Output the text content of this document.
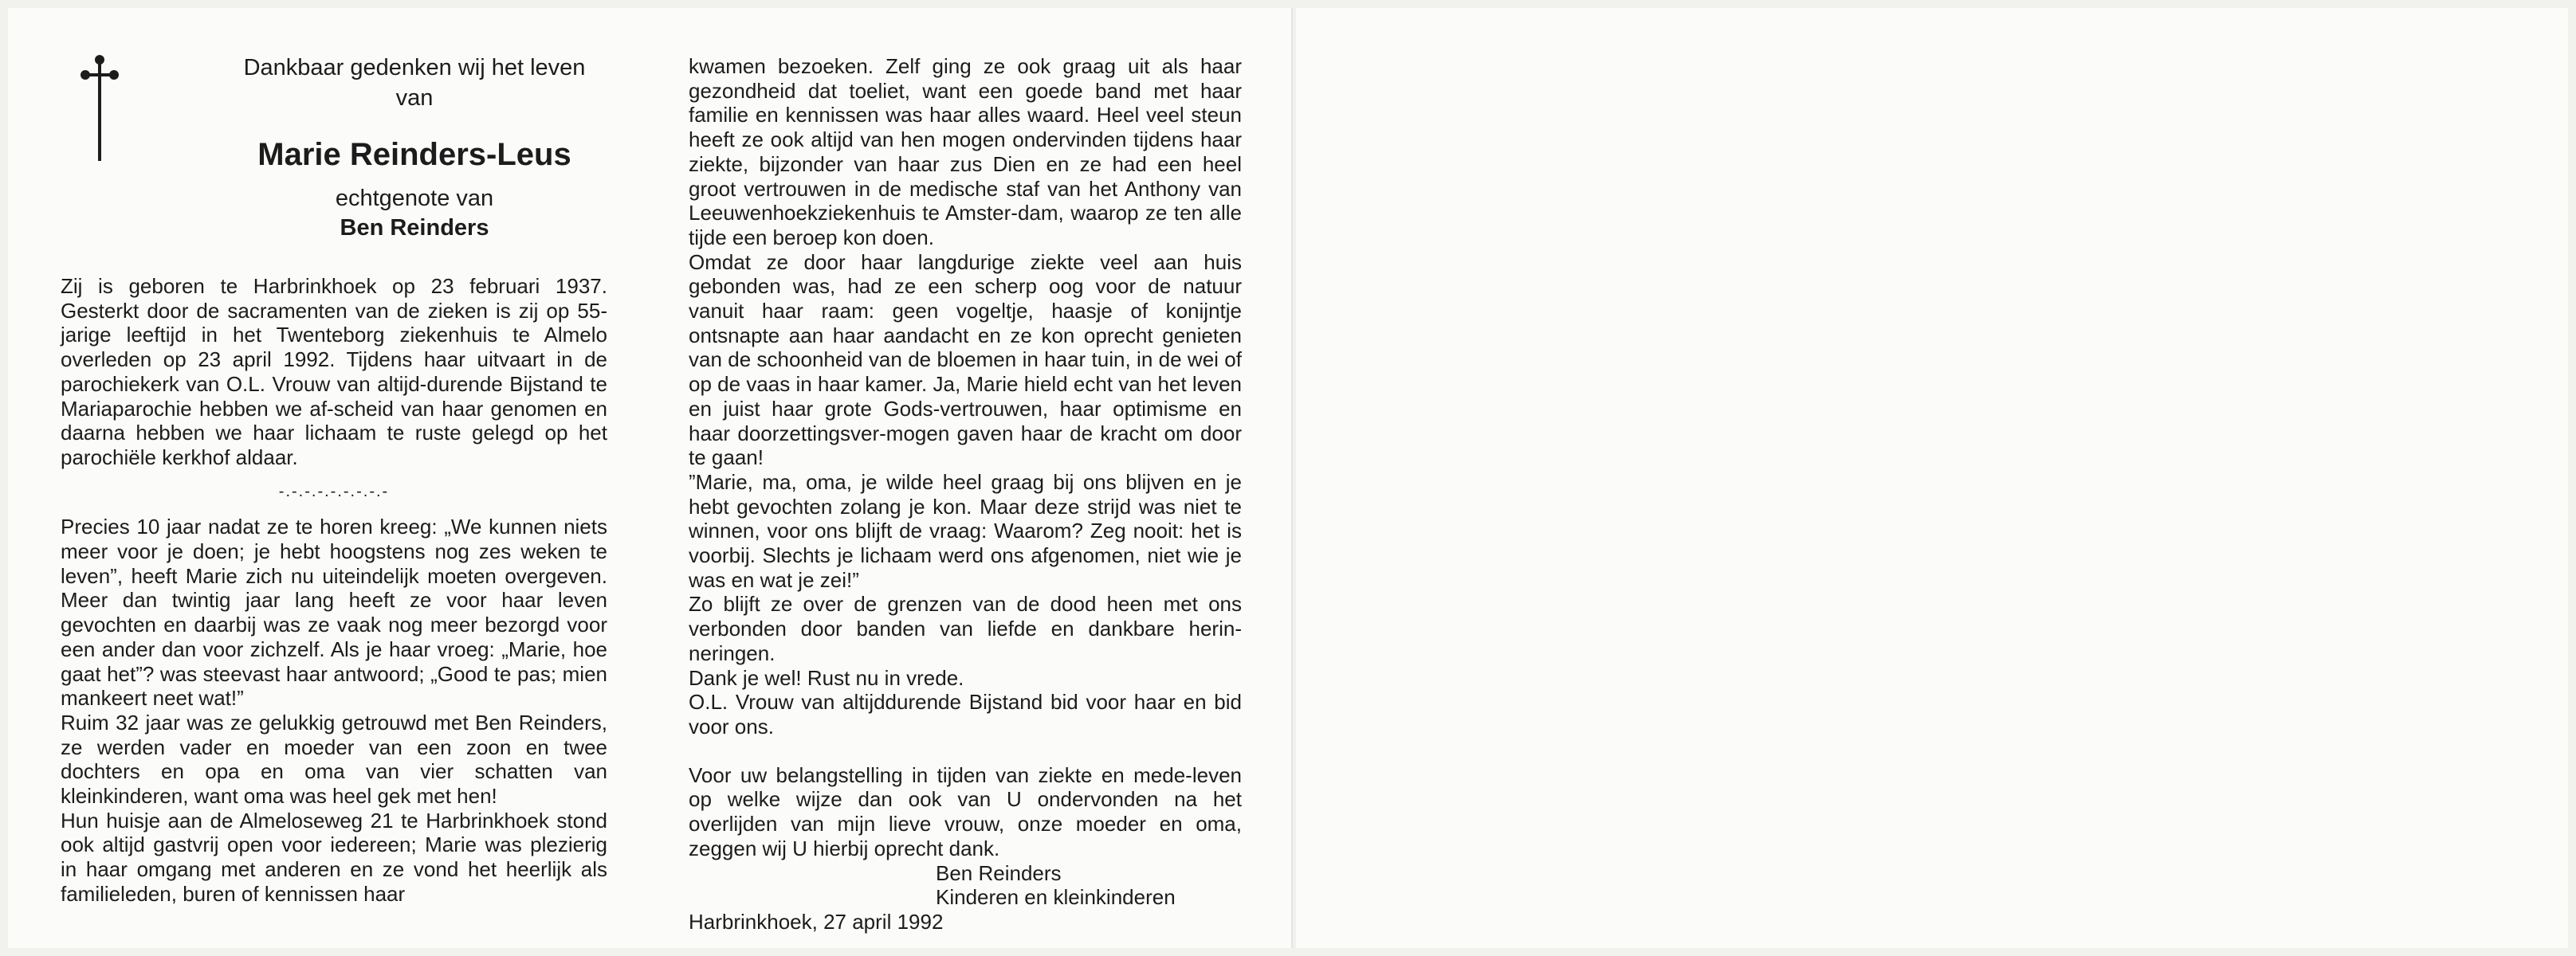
Dankbaar gedenken wij het leven
van
Marie Reinders-Leus
echtgenote van
Ben Reinders

Zij is geboren te Harbrinkhoek op 23 februari 1937. Gesterkt door de sacramenten van de zieken is zij op 55-jarige leeftijd in het Twenteborg ziekenhuis te Almelo overleden op 23 april 1992. Tijdens haar uitvaart in de parochiekerk van O.L. Vrouw van altijd-durende Bijstand te Mariaparochie hebben we af-scheid van haar genomen en daarna hebben we haar lichaam te ruste gelegd op het parochiële kerkhof aldaar.

-.-.-.-.-.-.-.-.-

Precies 10 jaar nadat ze te horen kreeg: „We kunnen niets meer voor je doen; je hebt hoogstens nog zes weken te leven”, heeft Marie zich nu uiteindelijk moeten overgeven. Meer dan twintig jaar lang heeft ze voor haar leven gevochten en daarbij was ze vaak nog meer bezorgd voor een ander dan voor zichzelf. Als je haar vroeg: „Marie, hoe gaat het”? was steevast haar antwoord; „Good te pas; mien mankeert neet wat!”

Ruim 32 jaar was ze gelukkig getrouwd met Ben Reinders, ze werden vader en moeder van een zoon en twee dochters en opa en oma van vier schatten van kleinkinderen, want oma was heel gek met hen!

Hun huisje aan de Almeloseweg 21 te Harbrinkhoek stond ook altijd gastvrij open voor iedereen; Marie was plezierig in haar omgang met anderen en ze vond het heerlijk als familieleden, buren of kennissen haar

kwamen bezoeken. Zelf ging ze ook graag uit als haar gezondheid dat toeliet, want een goede band met haar familie en kennissen was haar alles waard. Heel veel steun heeft ze ook altijd van hen mogen ondervinden tijdens haar ziekte, bijzonder van haar zus Dien en ze had een heel groot vertrouwen in de medische staf van het Anthony van Leeuwenhoekziekenhuis te Amster-dam, waarop ze ten alle tijde een beroep kon doen.

Omdat ze door haar langdurige ziekte veel aan huis gebonden was, had ze een scherp oog voor de natuur vanuit haar raam: geen vogeltje, haasje of konijntje ontsnapte aan haar aandacht en ze kon oprecht genieten van de schoonheid van de bloemen in haar tuin, in de wei of op de vaas in haar kamer. Ja, Marie hield echt van het leven en juist haar grote Gods-vertrouwen, haar optimisme en haar doorzettingsver-mogen gaven haar de kracht om door te gaan!

”Marie, ma, oma, je wilde heel graag bij ons blijven en je hebt gevochten zolang je kon. Maar deze strijd was niet te winnen, voor ons blijft de vraag: Waarom? Zeg nooit: het is voorbij. Slechts je lichaam werd ons afgenomen, niet wie je was en wat je zei!”

Zo blijft ze over de grenzen van de dood heen met ons verbonden door banden van liefde en dankbare herin-neringen.

Dank je wel! Rust nu in vrede.

O.L. Vrouw van altijddurende Bijstand bid voor haar en bid voor ons.

Voor uw belangstelling in tijden van ziekte en mede-leven op welke wijze dan ook van U ondervonden na het overlijden van mijn lieve vrouw, onze moeder en oma, zeggen wij U hierbij oprecht dank.

Ben Reinders
Kinderen en kleinkinderen
Harbrinkhoek, 27 april 1992
